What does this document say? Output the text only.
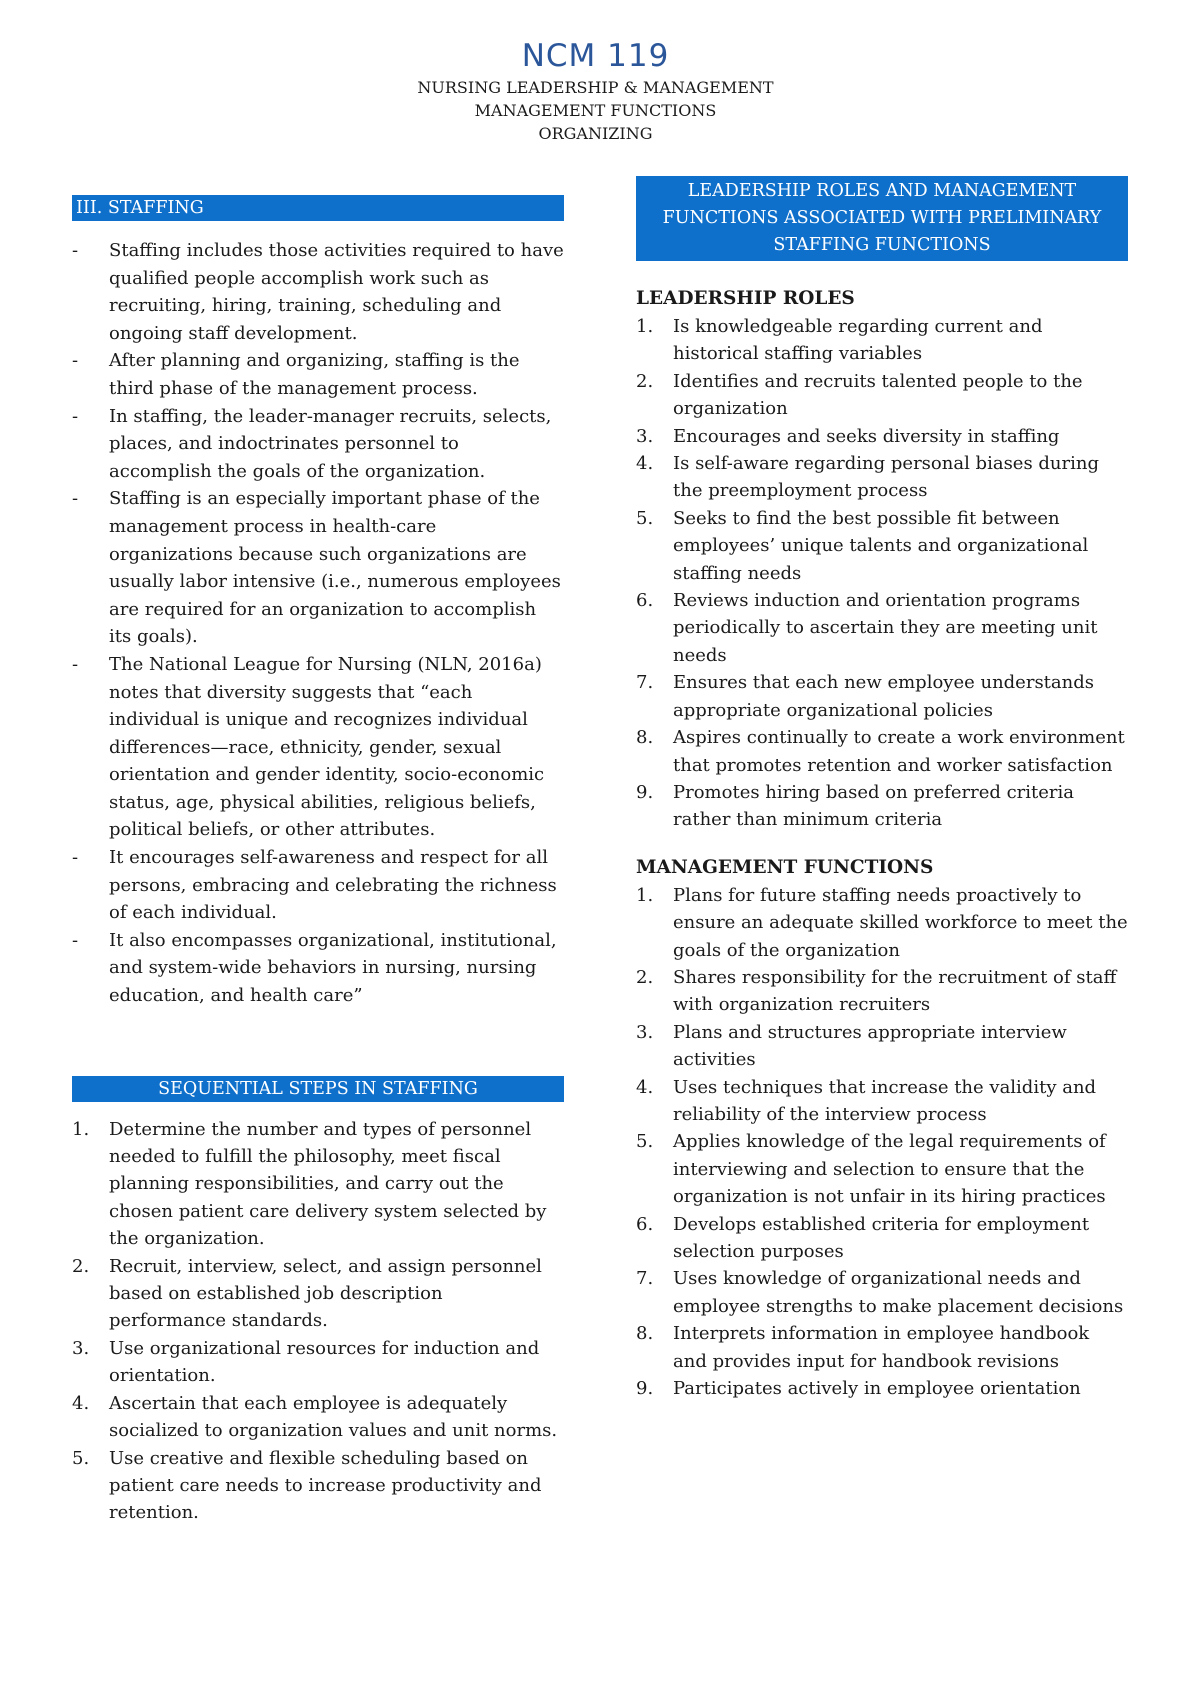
NCM 119
NURSING LEADERSHIP & MANAGEMENT
MANAGEMENT FUNCTIONS
ORGANIZING
III. STAFFING
- Staffing includes those activities required to have qualified people accomplish work such as recruiting, hiring, training, scheduling and ongoing staff development.
- After planning and organizing, staffing is the third phase of the management process.
- In staffing, the leader-manager recruits, selects, places, and indoctrinates personnel to accomplish the goals of the organization.
- Staffing is an especially important phase of the management process in health-care organizations because such organizations are usually labor intensive (i.e., numerous employees are required for an organization to accomplish its goals).
- The National League for Nursing (NLN, 2016a) notes that diversity suggests that “each individual is unique and recognizes individual differences—race, ethnicity, gender, sexual orientation and gender identity, socio-economic status, age, physical abilities, religious beliefs, political beliefs, or other attributes.
- It encourages self-awareness and respect for all persons, embracing and celebrating the richness of each individual.
- It also encompasses organizational, institutional, and system-wide behaviors in nursing, nursing education, and health care”
SEQUENTIAL STEPS IN STAFFING
1. Determine the number and types of personnel needed to fulfill the philosophy, meet fiscal planning responsibilities, and carry out the chosen patient care delivery system selected by the organization.
2. Recruit, interview, select, and assign personnel based on established job description performance standards.
3. Use organizational resources for induction and orientation.
4. Ascertain that each employee is adequately socialized to organization values and unit norms.
5. Use creative and flexible scheduling based on patient care needs to increase productivity and retention.
LEADERSHIP ROLES AND MANAGEMENT FUNCTIONS ASSOCIATED WITH PRELIMINARY STAFFING FUNCTIONS
LEADERSHIP ROLES
1. Is knowledgeable regarding current and historical staffing variables
2. Identifies and recruits talented people to the organization
3. Encourages and seeks diversity in staffing
4. Is self-aware regarding personal biases during the preemployment process
5. Seeks to find the best possible fit between employees’ unique talents and organizational staffing needs
6. Reviews induction and orientation programs periodically to ascertain they are meeting unit needs
7. Ensures that each new employee understands appropriate organizational policies
8. Aspires continually to create a work environment that promotes retention and worker satisfaction
9. Promotes hiring based on preferred criteria rather than minimum criteria
MANAGEMENT FUNCTIONS
1. Plans for future staffing needs proactively to ensure an adequate skilled workforce to meet the goals of the organization
2. Shares responsibility for the recruitment of staff with organization recruiters
3. Plans and structures appropriate interview activities
4. Uses techniques that increase the validity and reliability of the interview process
5. Applies knowledge of the legal requirements of interviewing and selection to ensure that the organization is not unfair in its hiring practices
6. Develops established criteria for employment selection purposes
7. Uses knowledge of organizational needs and employee strengths to make placement decisions
8. Interprets information in employee handbook and provides input for handbook revisions
9. Participates actively in employee orientation
